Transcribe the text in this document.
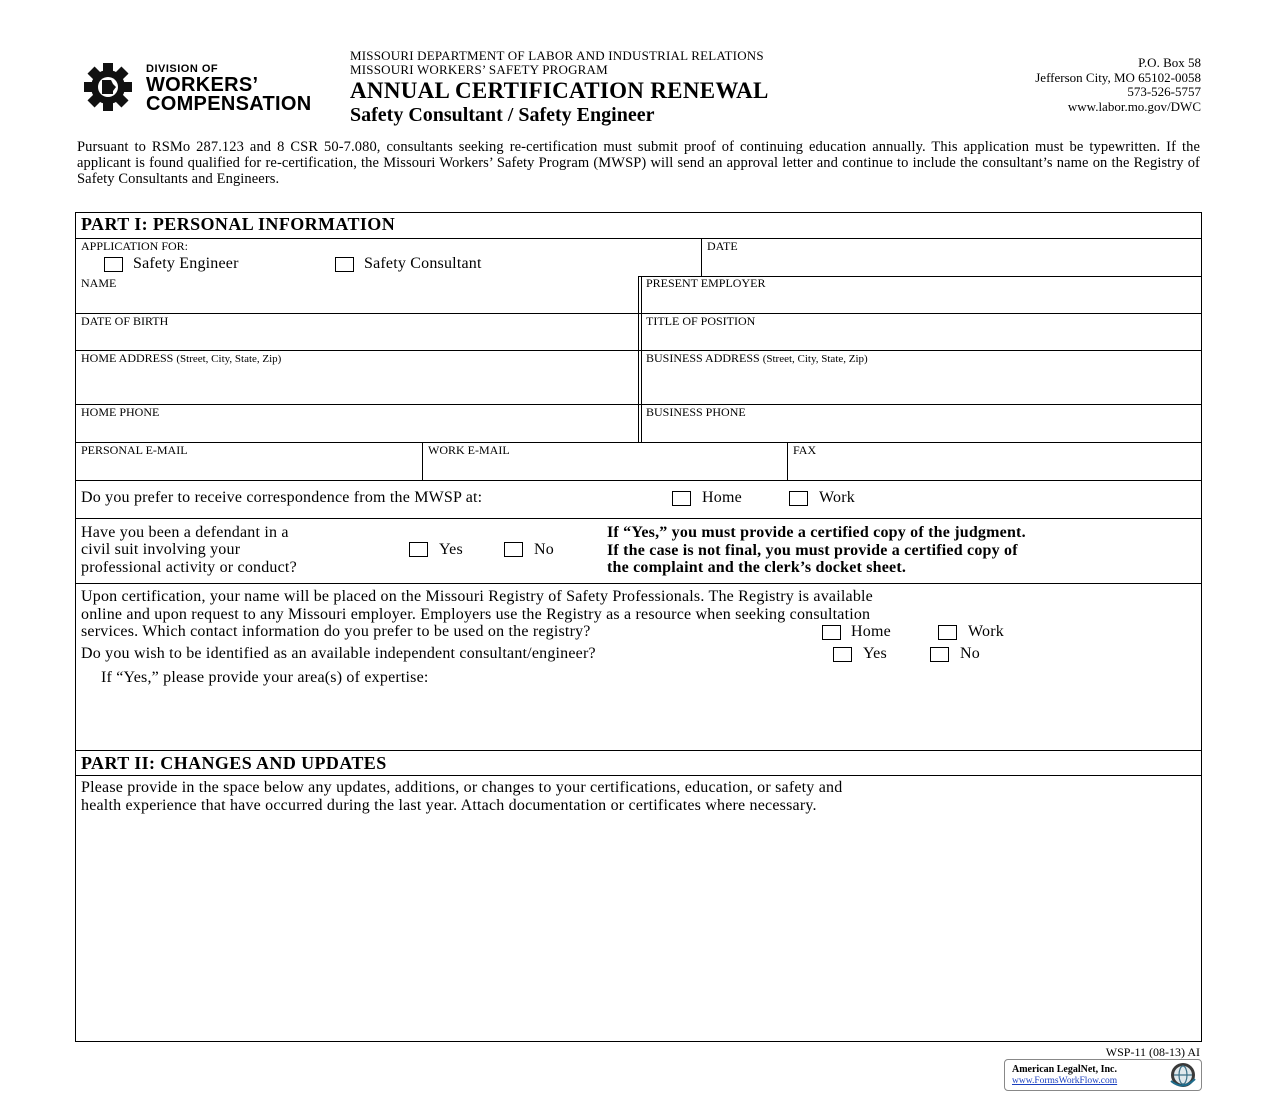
DIVISION OF
WORKERS’
COMPENSATION
MISSOURI DEPARTMENT OF LABOR AND INDUSTRIAL RELATIONS
MISSOURI WORKERS’ SAFETY PROGRAM
ANNUAL CERTIFICATION RENEWAL
Safety Consultant / Safety Engineer
P.O. Box 58
Jefferson City, MO 65102-0058
573-526-5757
www.labor.mo.gov/DWC
Pursuant to RSMo 287.123 and 8 CSR 50-7.080, consultants seeking re-certification must submit proof of continuing education annually. This application must be typewritten. If the applicant is found qualified for re-certification, the Missouri Workers’ Safety Program (MWSP) will send an approval letter and continue to include the consultant’s name on the Registry of Safety Consultants and Engineers.
PART I: PERSONAL INFORMATION
APPLICATION FOR:
Safety Engineer	Safety Consultant
DATE
NAME	PRESENT EMPLOYER
DATE OF BIRTH	TITLE OF POSITION
HOME ADDRESS (Street, City, State, Zip)	BUSINESS ADDRESS (Street, City, State, Zip)
HOME PHONE	BUSINESS PHONE
PERSONAL E-MAIL	WORK E-MAIL	FAX
Do you prefer to receive correspondence from the MWSP at:	Home	Work
Have you been a defendant in a
civil suit involving your
professional activity or conduct?
Yes	No
If “Yes,” you must provide a certified copy of the judgment.
If the case is not final, you must provide a certified copy of
the complaint and the clerk’s docket sheet.
Upon certification, your name will be placed on the Missouri Registry of Safety Professionals. The Registry is available
online and upon request to any Missouri employer. Employers use the Registry as a resource when seeking consultation
services. Which contact information do you prefer to be used on the registry?	Home	Work
Do you wish to be identified as an available independent consultant/engineer?	Yes	No
If “Yes,” please provide your area(s) of expertise:
PART II: CHANGES AND UPDATES
Please provide in the space below any updates, additions, or changes to your certifications, education, or safety and
health experience that have occurred during the last year. Attach documentation or certificates where necessary.
WSP-11 (08-13) AI
American LegalNet, Inc.
www.FormsWorkFlow.com
